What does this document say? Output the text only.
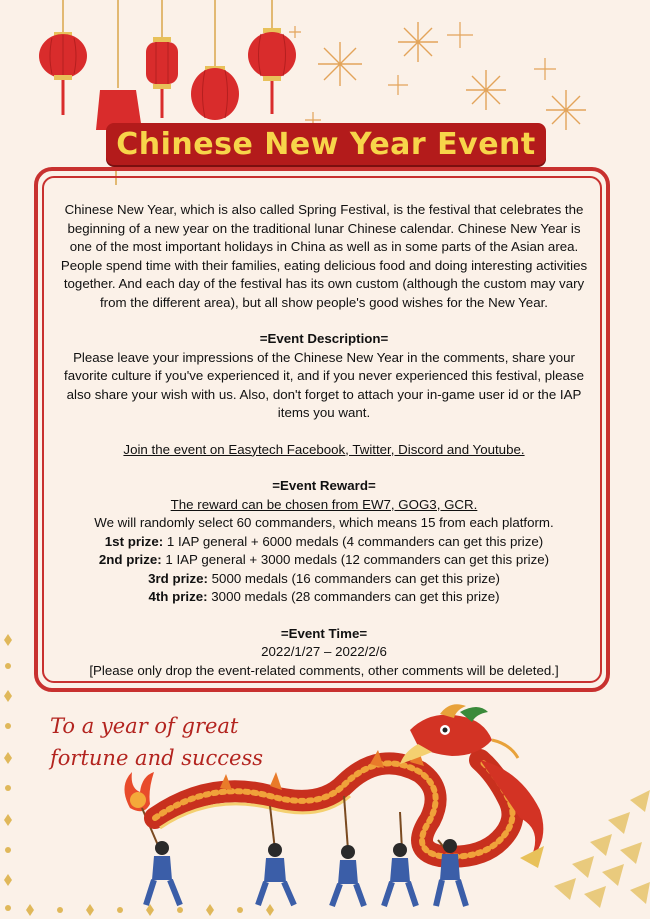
Chinese New Year Event

Chinese New Year, which is also called Spring Festival, is the festival that celebrates the beginning of a new year on the traditional lunar Chinese calendar. Chinese New Year is one of the most important holidays in China as well as in some parts of the Asian area. People spend time with their families, eating delicious food and doing interesting activities together. And each day of the festival has its own custom (although the custom may vary from the different area), but all show people's good wishes for the New Year.

=Event Description=

Please leave your impressions of the Chinese New Year in the comments, share your favorite culture if you've experienced it, and if you never experienced this festival, please also share your wish with us. Also, don't forget to attach your in-game user id or the IAP items you want.

Join the event on Easytech Facebook, Twitter, Discord and Youtube.

=Event Reward=

The reward can be chosen from EW7, GOG3, GCR.

We will randomly select 60 commanders, which means 15 from each platform.

1st prize: 1 IAP general + 6000 medals (4 commanders can get this prize)

2nd prize: 1 IAP general + 3000 medals (12 commanders can get this prize)

3rd prize: 5000 medals (16 commanders can get this prize)

4th prize: 3000 medals (28 commanders can get this prize)

=Event Time=

2022/1/27 – 2022/2/6

[Please only drop the event-related comments, other comments will be deleted.]

To a year of great
fortune and success
